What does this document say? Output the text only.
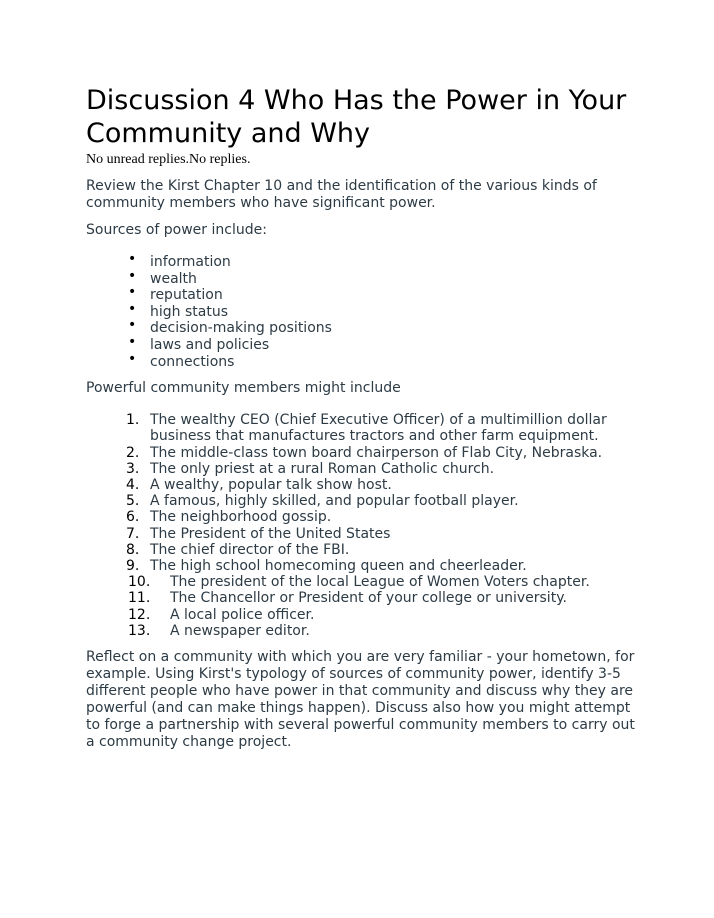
Discussion 4 Who Has the Power in Your Community and Why
No unread replies.No replies.

Review the Kirst Chapter 10 and the identification of the various kinds of community members who have significant power.

Sources of power include:

• information
• wealth
• reputation
• high status
• decision-making positions
• laws and policies
• connections

Powerful community members might include

1. The wealthy CEO (Chief Executive Officer) of a multimillion dollar business that manufactures tractors and other farm equipment.
2. The middle-class town board chairperson of Flab City, Nebraska.
3. The only priest at a rural Roman Catholic church.
4. A wealthy, popular talk show host.
5. A famous, highly skilled, and popular football player.
6. The neighborhood gossip.
7. The President of the United States
8. The chief director of the FBI.
9. The high school homecoming queen and cheerleader.
10. The president of the local League of Women Voters chapter.
11. The Chancellor or President of your college or university.
12. A local police officer.
13. A newspaper editor.

Reflect on a community with which you are very familiar - your hometown, for example. Using Kirst's typology of sources of community power, identify 3-5 different people who have power in that community and discuss why they are powerful (and can make things happen). Discuss also how you might attempt to forge a partnership with several powerful community members to carry out a community change project.
